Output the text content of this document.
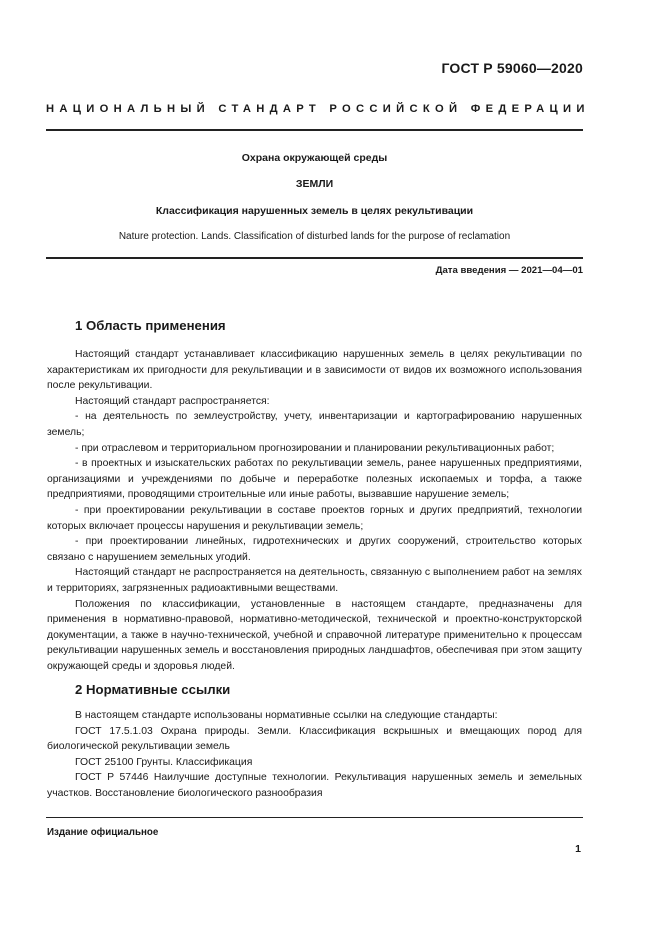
ГОСТ Р 59060—2020
НАЦИОНАЛЬНЫЙ СТАНДАРТ РОССИЙСКОЙ ФЕДЕРАЦИИ
Охрана окружающей среды
ЗЕМЛИ
Классификация нарушенных земель в целях рекультивации
Nature protection. Lands. Classification of disturbed lands for the purpose of reclamation
Дата введения — 2021—04—01
1 Область применения

Настоящий стандарт устанавливает классификацию нарушенных земель в целях рекультивации по характеристикам их пригодности для рекультивации и в зависимости от видов их возможного использования после рекультивации.

Настоящий стандарт распространяется:

- на деятельность по землеустройству, учету, инвентаризации и картографированию нарушенных земель;

- при отраслевом и территориальном прогнозировании и планировании рекультивационных работ;

- в проектных и изыскательских работах по рекультивации земель, ранее нарушенных предприятиями, организациями и учреждениями по добыче и переработке полезных ископаемых и торфа, а также предприятиями, проводящими строительные или иные работы, вызвавшие нарушение земель;

- при проектировании рекультивации в составе проектов горных и других предприятий, технологии которых включает процессы нарушения и рекультивации земель;

- при проектировании линейных, гидротехнических и других сооружений, строительство которых связано с нарушением земельных угодий.

Настоящий стандарт не распространяется на деятельность, связанную с выполнением работ на землях и территориях, загрязненных радиоактивными веществами.

Положения по классификации, установленные в настоящем стандарте, предназначены для применения в нормативно-правовой, нормативно-методической, технической и проектно-конструкторской документации, а также в научно-технической, учебной и справочной литературе применительно к процессам рекультивации нарушенных земель и восстановления природных ландшафтов, обеспечивая при этом защиту окружающей среды и здоровья людей.

2 Нормативные ссылки

В настоящем стандарте использованы нормативные ссылки на следующие стандарты:

ГОСТ 17.5.1.03 Охрана природы. Земли. Классификация вскрышных и вмещающих пород для биологической рекультивации земель

ГОСТ 25100 Грунты. Классификация

ГОСТ Р 57446 Наилучшие доступные технологии. Рекультивация нарушенных земель и земельных участков. Восстановление биологического разнообразия

Издание официальное
1
